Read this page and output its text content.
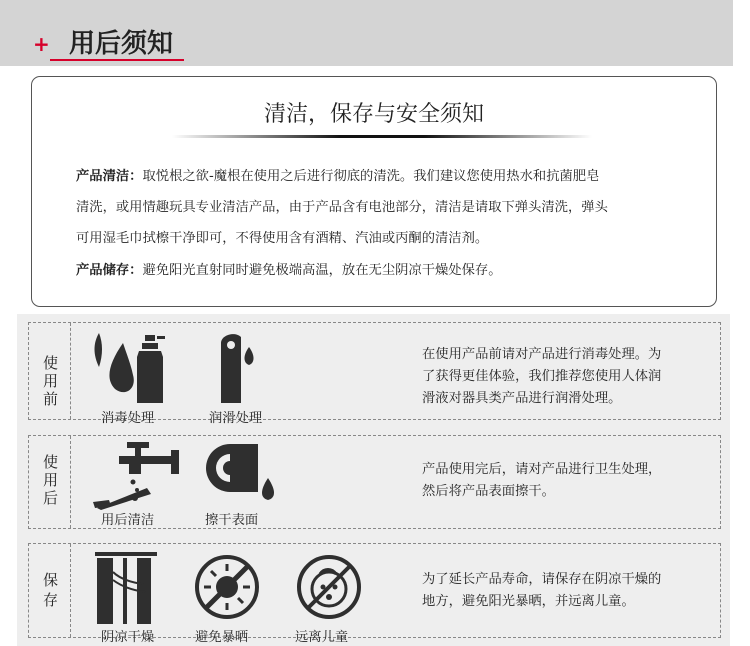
+ 用后须知
清洁，保存与安全须知
产品清洁：取悦根之欲-魔根在使用之后进行彻底的清洗。我们建议您使用热水和抗菌肥皂
清洗，或用情趣玩具专业清洁产品，由于产品含有电池部分，清洁是请取下弹头清洗，弹头
可用湿毛巾拭檫干净即可，不得使用含有酒精、汽油或丙酮的清洁剂。
产品储存：避免阳光直射同时避免极端高温，放在无尘阴凉干燥处保存。
使
用
前
消毒处理	润滑处理
在使用产品前请对产品进行消毒处理。为
了获得更佳体验，我们推荐您使用人体润
滑液对器具类产品进行润滑处理。
使
用
后
用后清洁	擦干表面
产品使用完后，请对产品进行卫生处理，
然后将产品表面擦干。
保
存
阴凉干燥	避免暴晒	远离儿童
为了延长产品寿命，请保存在阴凉干燥的
地方，避免阳光暴晒，并远离儿童。
